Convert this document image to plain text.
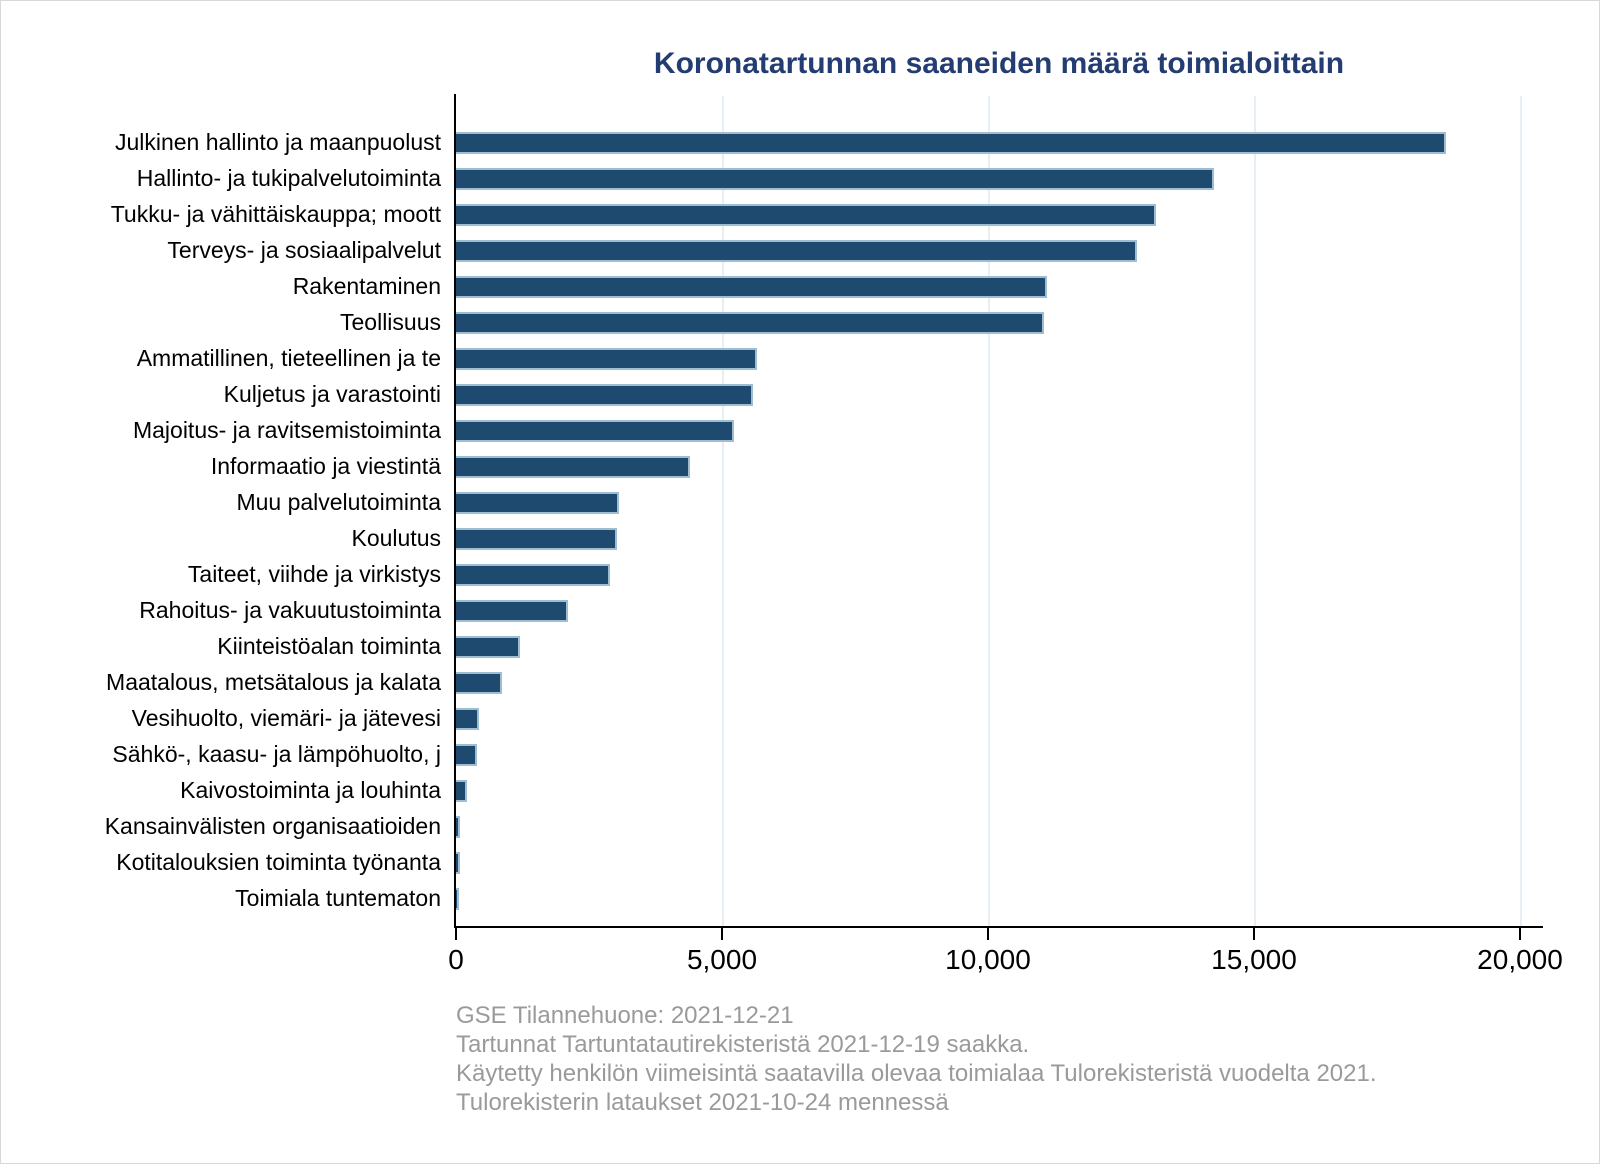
Koronatartunnan saaneiden määrä toimialoittain
GSE Tilannehuone: 2021-12-21
Tartunnat Tartuntatautirekisteristä 2021-12-19 saakka.
Käytetty henkilön viimeisintä saatavilla olevaa toimialaa Tulorekisteristä vuodelta 2021.
Tulorekisterin lataukset 2021-10-24 mennessä
0	5,000	10,000	15,000	20,000
Julkinen hallinto ja maanpuolust
Hallinto- ja tukipalvelutoiminta
Tukku- ja vähittäiskauppa; moott
Terveys- ja sosiaalipalvelut
Rakentaminen
Teollisuus
Ammatillinen, tieteellinen ja te
Kuljetus ja varastointi
Majoitus- ja ravitsemistoiminta
Informaatio ja viestintä
Muu palvelutoiminta
Koulutus
Taiteet, viihde ja virkistys
Rahoitus- ja vakuutustoiminta
Kiinteistöalan toiminta
Maatalous, metsätalous ja kalata
Vesihuolto, viemäri- ja jätevesi
Sähkö-, kaasu- ja lämpöhuolto, j
Kaivostoiminta ja louhinta
Kansainvälisten organisaatioiden
Kotitalouksien toiminta työnanta
Toimiala tuntematon
